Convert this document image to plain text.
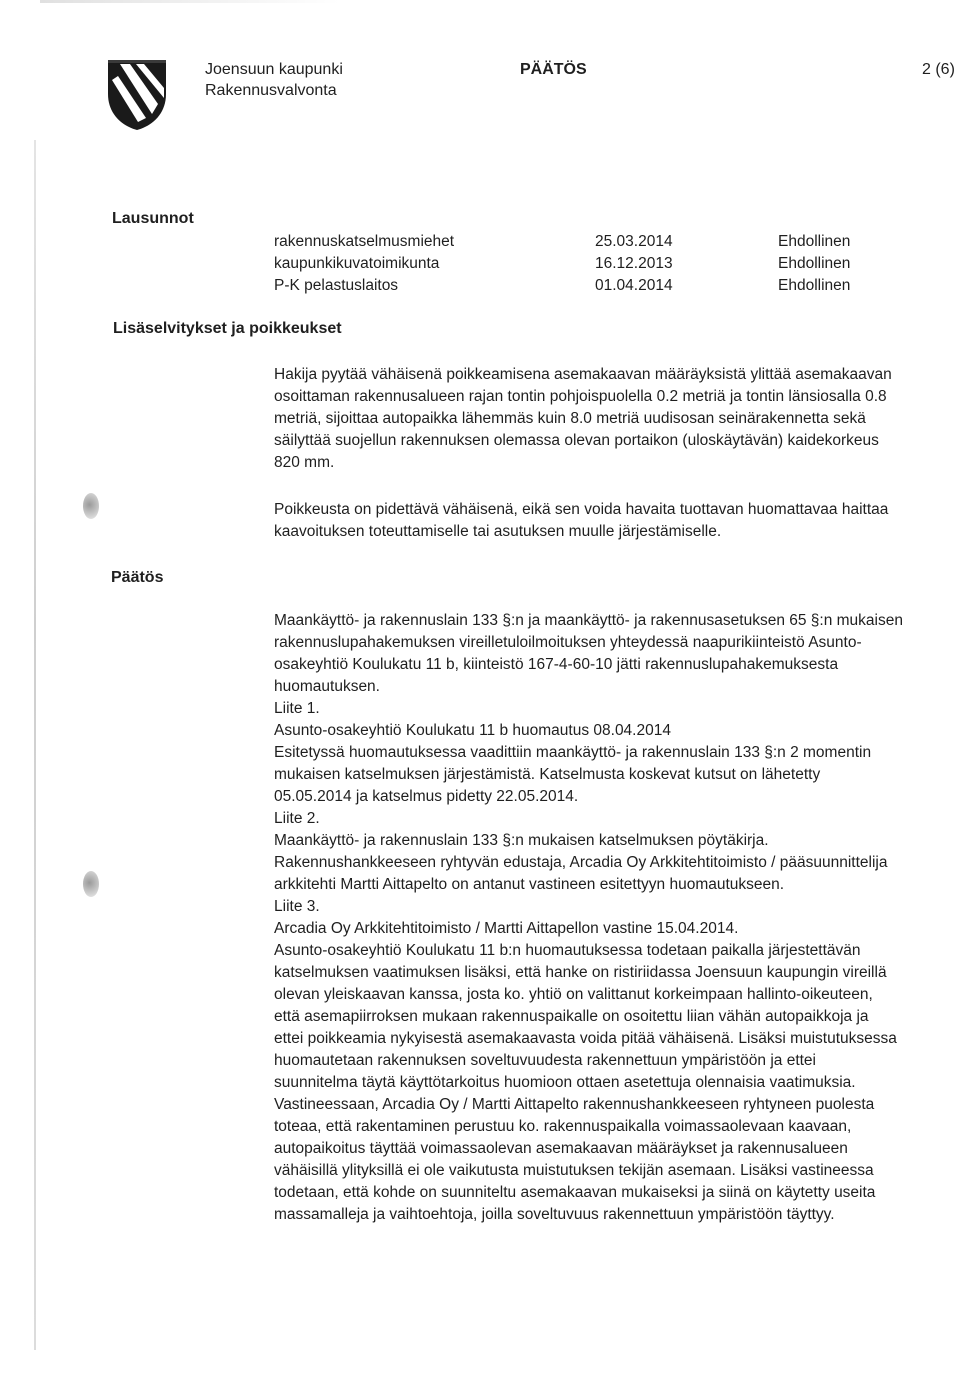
Joensuun kaupunki
Rakennusvalvonta
PÄÄTÖS	2 (6)
Lausunnot
rakennuskatselmusmiehet	25.03.2014	Ehdollinen
kaupunkikuvatoimikunta	16.12.2013	Ehdollinen
P-K pelastuslaitos	01.04.2014	Ehdollinen
Lisäselvitykset ja poikkeukset

Hakija pyytää vähäisenä poikkeamisena asemakaavan määräyksistä ylittää asemakaavan
osoittaman rakennusalueen rajan tontin pohjoispuolella 0.2 metriä ja tontin länsiosalla 0.8
metriä, sijoittaa autopaikka lähemmäs kuin 8.0 metriä uudisosan seinärakennetta sekä
säilyttää suojellun rakennuksen olemassa olevan portaikon (uloskäytävän) kaidekorkeus
820 mm.

Poikkeusta on pidettävä vähäisenä, eikä sen voida havaita tuottavan huomattavaa haittaa
kaavoituksen toteuttamiselle tai asutuksen muulle järjestämiselle.

Päätös

Maankäyttö- ja rakennuslain 133 §:n ja maankäyttö- ja rakennusasetuksen 65 §:n mukaisen
rakennuslupahakemuksen vireilletuloilmoituksen yhteydessä naapurikiinteistö Asunto-
osakeyhtiö Koulukatu 11 b, kiinteistö 167-4-60-10 jätti rakennuslupahakemuksesta
huomautuksen.
Liite 1.
Asunto-osakeyhtiö Koulukatu 11 b huomautus 08.04.2014
Esitetyssä huomautuksessa vaadittiin maankäyttö- ja rakennuslain 133 §:n 2 momentin
mukaisen katselmuksen järjestämistä. Katselmusta koskevat kutsut on lähetetty
05.05.2014 ja katselmus pidetty 22.05.2014.
Liite 2.
Maankäyttö- ja rakennuslain 133 §:n mukaisen katselmuksen pöytäkirja.
Rakennushankkeeseen ryhtyvän edustaja, Arcadia Oy Arkkitehtitoimisto / pääsuunnittelija
arkkitehti Martti Aittapelto on antanut vastineen esitettyyn huomautukseen.
Liite 3.
Arcadia Oy Arkkitehtitoimisto / Martti Aittapellon vastine 15.04.2014.
Asunto-osakeyhtiö Koulukatu 11 b:n huomautuksessa todetaan paikalla järjestettävän
katselmuksen vaatimuksen lisäksi, että hanke on ristiriidassa Joensuun kaupungin vireillä
olevan yleiskaavan kanssa, josta ko. yhtiö on valittanut korkeimpaan hallinto-oikeuteen,
että asemapiirroksen mukaan rakennuspaikalle on osoitettu liian vähän autopaikkoja ja
ettei poikkeamia nykyisestä asemakaavasta voida pitää vähäisenä. Lisäksi muistutuksessa
huomautetaan rakennuksen soveltuvuudesta rakennettuun ympäristöön ja ettei
suunnitelma täytä käyttötarkoitus huomioon ottaen asetettuja olennaisia vaatimuksia.
Vastineessaan, Arcadia Oy / Martti Aittapelto rakennushankkeeseen ryhtyneen puolesta
toteaa, että rakentaminen perustuu ko. rakennuspaikalla voimassaolevaan kaavaan,
autopaikoitus täyttää voimassaolevan asemakaavan määräykset ja rakennusalueen
vähäisillä ylityksillä ei ole vaikutusta muistutuksen tekijän asemaan. Lisäksi vastineessa
todetaan, että kohde on suunniteltu asemakaavan mukaiseksi ja siinä on käytetty useita
massamalleja ja vaihtoehtoja, joilla soveltuvuus rakennettuun ympäristöön täyttyy.
